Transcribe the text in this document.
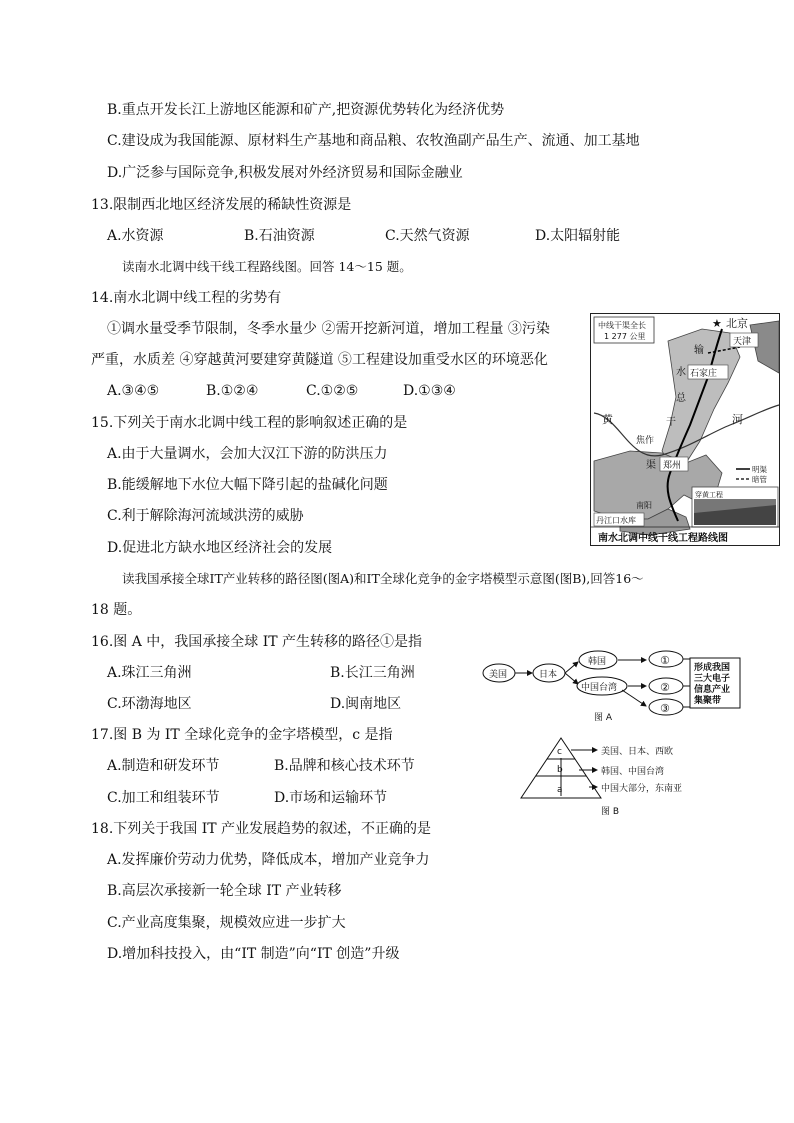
B.重点开发长江上游地区能源和矿产,把资源优势转化为经济优势
C.建设成为我国能源、原材料生产基地和商品粮、农牧渔副产品生产、流通、加工基地
D.广泛参与国际竞争,积极发展对外经济贸易和国际金融业
13.限制西北地区经济发展的稀缺性资源是
A.水资源	B.石油资源	C.天然气资源	D.太阳辐射能
读南水北调中线干线工程路线图。回答 14～15 题。
14.南水北调中线工程的劣势有
①调水量受季节限制，冬季水量少 ②需开挖新河道，增加工程量 ③污染
严重，水质差 ④穿越黄河要建穿黄隧道 ⑤工程建设加重受水区的环境恶化
A.③④⑤	B.①②④	C.①②⑤	D.①③④
15.下列关于南水北调中线工程的影响叙述正确的是
A.由于大量调水，会加大汉江下游的防洪压力
B.能缓解地下水位大幅下降引起的盐碱化问题
C.利于解除海河流域洪涝的威胁
D.促进北方缺水地区经济社会的发展
读我国承接全球IT产业转移的路径图(图A)和IT全球化竞争的金字塔模型示意图(图B),回答16～
18 题。
16.图 A 中，我国承接全球 IT 产生转移的路径①是指
A.珠江三角洲	B.长江三角洲
C.环渤海地区	D.闽南地区
17.图 B 为 IT 全球化竞争的金字塔模型，c 是指
A.制造和研发环节	B.品牌和核心技术环节
C.加工和组装环节	D.市场和运输环节
18.下列关于我国 IT 产业发展趋势的叙述，不正确的是
A.发挥廉价劳动力优势，降低成本，增加产业竞争力
B.高层次承接新一轮全球 IT 产业转移
C.产业高度集聚，规模效应进一步扩大
D.增加科技投入，由“IT 制造”向“IT 创造”升级
中线干渠全长
1 277 公里
★ 北京
天津
输
水 石家庄
总
干
黄	河
焦作
渠 郑州
南阳
丹江口水库
明渠
暗管
穿黄工程
南水北调中线干线工程路线图
美国	日本
韩国
中国台湾
①
②
③
形成我国
三大电子
信息产业
集聚带
图 A
c
b
a
美国、日本、西欧
韩国、中国台湾
中国大部分，东南亚
图 B
